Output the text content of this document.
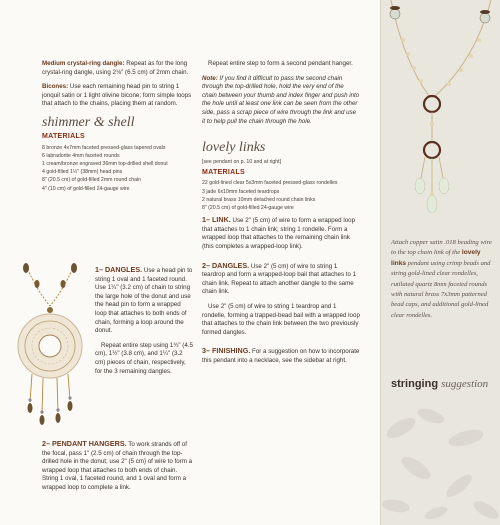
Medium crystal-ring dangle: Repeat as for the long crystal-ring dangle, using 2⅛" (6.5 cm) of 2mm chain.

Bicones: Use each remaining head pin to string 1 jonquil satin or 1 light olivine bicone; form simple loops that attach to the chains, placing them at random.

shimmer & shell
MATERIALS
8 bronze 4x7mm faceted pressed-glass tapered ovals
6 labradorite 4mm faceted rounds
1 cream/bronze engraved 36mm top-drilled shell donut
4 gold-filled 1½" (38mm) head pins
8" (20.5 cm) of gold-filled 2mm round chain
4" (10 cm) of gold-filled 24-gauge wire

1– DANGLES. Use a head pin to string 1 oval and 1 faceted round. Use 1¼" (3.2 cm) of chain to string the large hole of the donut and use the head pin to form a wrapped loop that attaches to both ends of chain, forming a loop around the donut.

Repeat entire step using 1¾" (4.5 cm), 1½" (3.8 cm), and 1¼" (3.2 cm) pieces of chain, respectively, for the 3 remaining dangles.

2– PENDANT HANGERS. To work strands off of the focal, pass 1" (2.5 cm) of chain through the top-drilled hole in the donut; use 2" (5 cm) of wire to form a wrapped loop that attaches to both ends of chain. String 1 oval, 1 faceted round, and 1 oval and form a wrapped loop to complete a link.

Repeat entire step to form a second pendant hanger.

Note: If you find it difficult to pass the second chain through the top-drilled hole, hold the very end of the chain between your thumb and index finger and push into the hole until at least one link can be seen from the other side, pass a scrap piece of wire through the link and use it to help pull the chain through the hole.

lovely links
[see pendant on p. 10 and at right]
MATERIALS
22 gold-lined clear 5x3mm faceted pressed-glass rondelles
3 jade 6x10mm faceted teardrops
2 natural brass 10mm detached round chain links
8" (20.5 cm) of gold-filled 24-gauge wire

1– LINK. Use 2" (5 cm) of wire to form a wrapped loop that attaches to 1 chain link; string 1 rondelle. Form a wrapped loop that attaches to the remaining chain link (this completes a wrapped-loop link).

2– DANGLES. Use 2" (5 cm) of wire to string 1 teardrop and form a wrapped-loop bail that attaches to 1 chain link. Repeat to attach another dangle to the same chain link.

Use 2" (5 cm) of wire to string 1 teardrop and 1 rondelle, forming a trapped-bead bail with a wrapped loop that attaches to the chain link between the two previously formed dangles.

3– FINISHING. For a suggestion on how to incorporate this pendant into a necklace, see the sidebar at right.

Attach copper satin .018 beading wire to the top chain link of the lovely links pendant using crimp beads and string gold-lined clear rondelles, rutilated quartz 8mm faceted rounds with natural brass 7x3mm patterned bead caps, and additional gold-lined clear rondelles.
stringing suggestion
